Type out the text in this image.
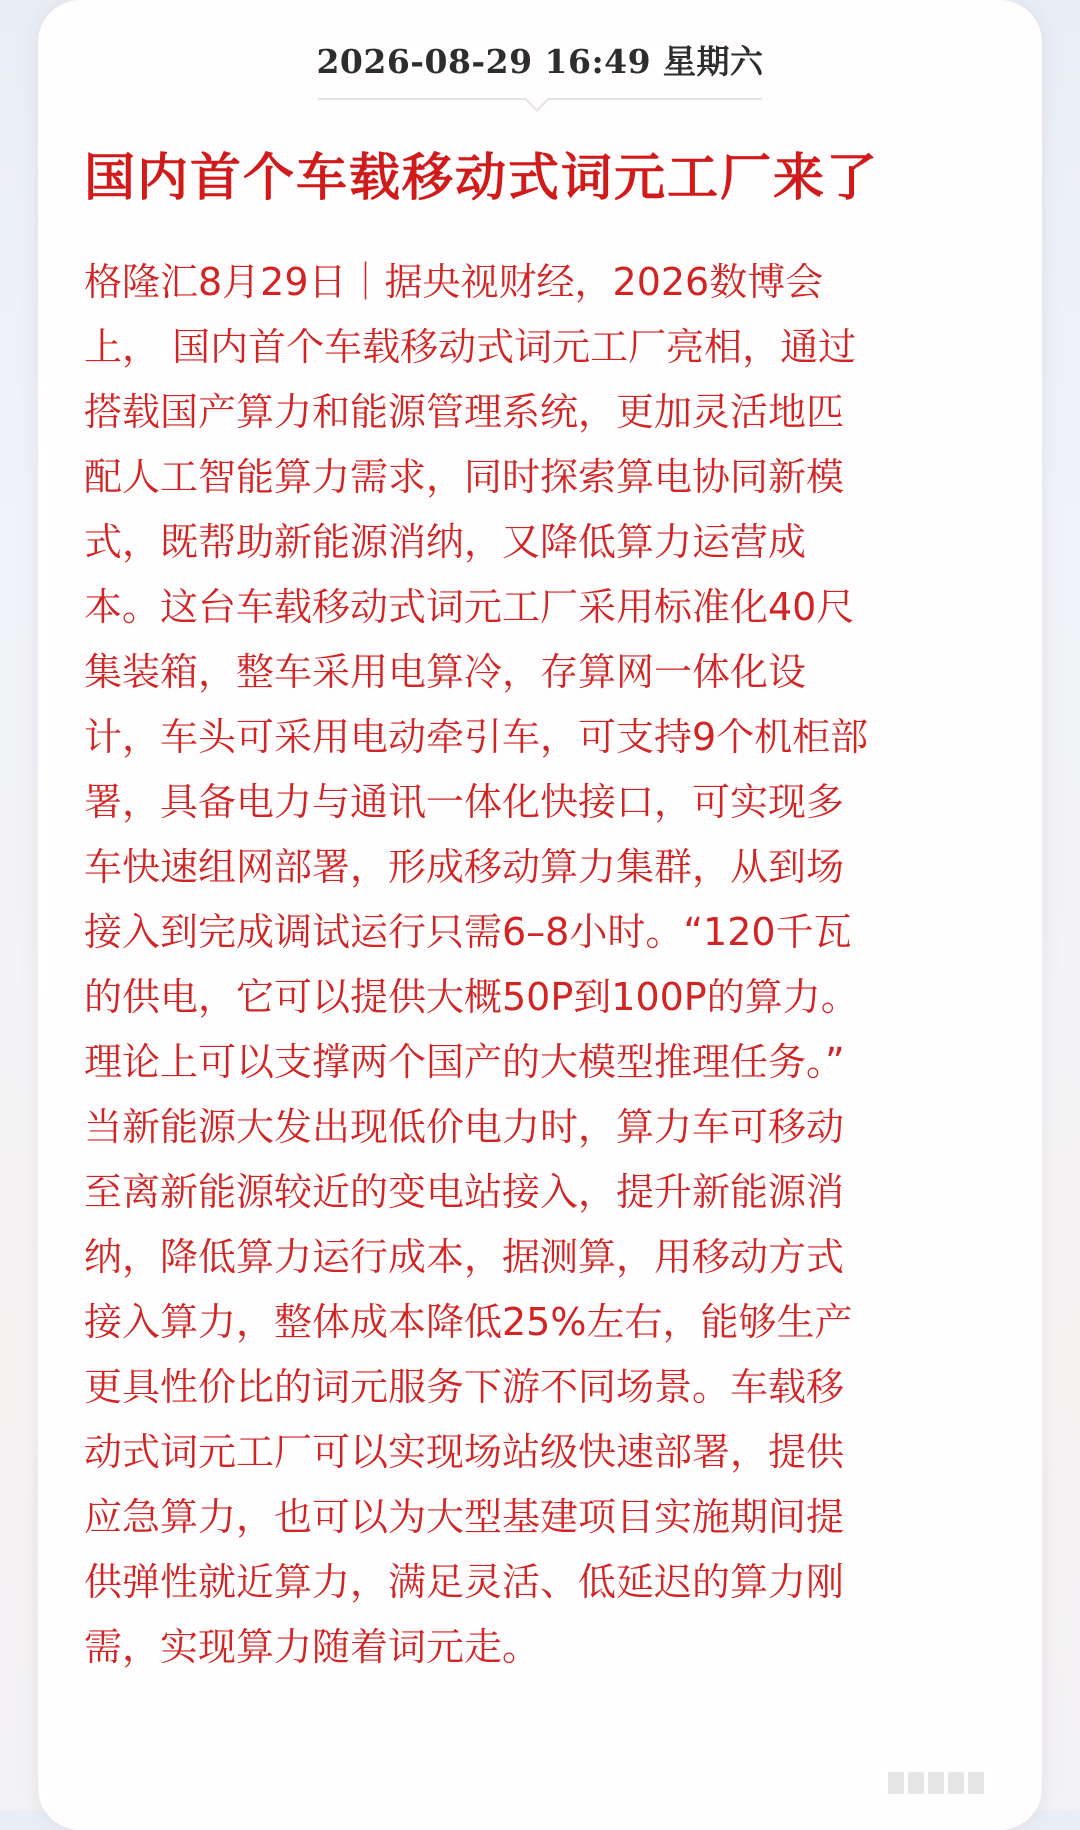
2026-08-29 16:49 星期六
国内首个车载移动式词元工厂来了
格隆汇8月29日｜据央视财经，2026数博会
上， 国内首个车载移动式词元工厂亮相，通过
搭载国产算力和能源管理系统，更加灵活地匹
配人工智能算力需求，同时探索算电协同新模
式，既帮助新能源消纳，又降低算力运营成
本。这台车载移动式词元工厂采用标准化40尺
集装箱，整车采用电算冷，存算网一体化设
计，车头可采用电动牵引车，可支持9个机柜部
署，具备电力与通讯一体化快接口，可实现多
车快速组网部署，形成移动算力集群，从到场
接入到完成调试运行只需6–8小时。“120千瓦
的供电，它可以提供大概50P到100P的算力。
理论上可以支撑两个国产的大模型推理任务。”
当新能源大发出现低价电力时，算力车可移动
至离新能源较近的变电站接入，提升新能源消
纳，降低算力运行成本，据测算，用移动方式
接入算力，整体成本降低25%左右，能够生产
更具性价比的词元服务下游不同场景。车载移
动式词元工厂可以实现场站级快速部署，提供
应急算力，也可以为大型基建项目实施期间提
供弹性就近算力，满足灵活、低延迟的算力刚
需，实现算力随着词元走。
